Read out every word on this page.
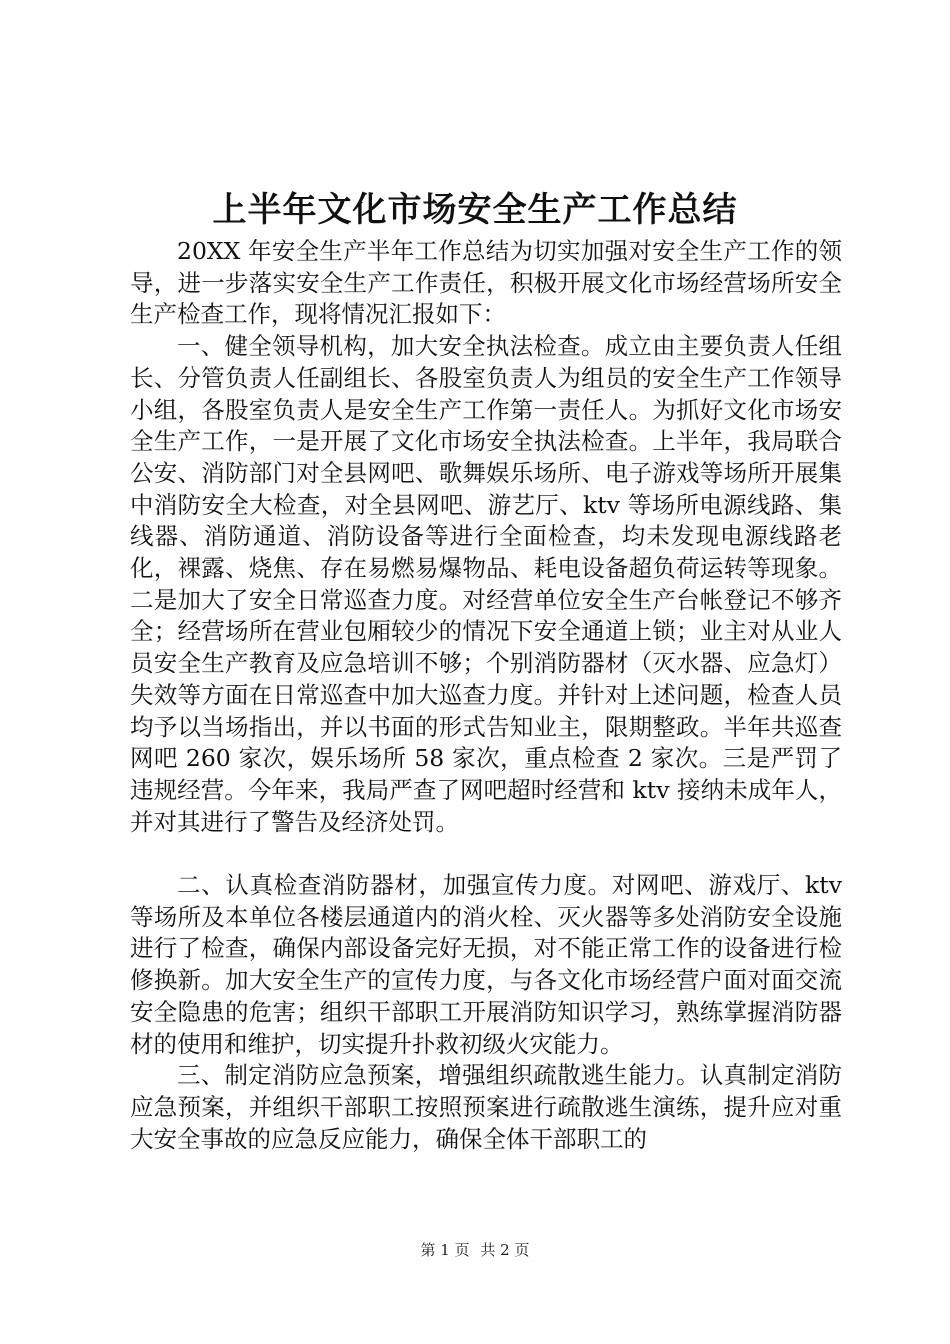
上半年文化市场安全生产工作总结

20XX 年安全生产半年工作总结为切实加强对安全生产工作的领导，进一步落实安全生产工作责任，积极开展文化市场经营场所安全生产检查工作，现将情况汇报如下：

一、健全领导机构，加大安全执法检查。成立由主要负责人任组长、分管负责人任副组长、各股室负责人为组员的安全生产工作领导小组，各股室负责人是安全生产工作第一责任人。为抓好文化市场安全生产工作，一是开展了文化市场安全执法检查。上半年，我局联合公安、消防部门对全县网吧、歌舞娱乐场所、电子游戏等场所开展集中消防安全大检查，对全县网吧、游艺厅、ktv 等场所电源线路、集线器、消防通道、消防设备等进行全面检查，均未发现电源线路老化，裸露、烧焦、存在易燃易爆物品、耗电设备超负荷运转等现象。二是加大了安全日常巡查力度。对经营单位安全生产台帐登记不够齐全；经营场所在营业包厢较少的情况下安全通道上锁；业主对从业人员安全生产教育及应急培训不够；个别消防器材（灭水器、应急灯）失效等方面在日常巡查中加大巡查力度。并针对上述问题，检查人员均予以当场指出，并以书面的形式告知业主，限期整政。半年共巡查网吧 260 家次，娱乐场所 58 家次，重点检查 2 家次。三是严罚了违规经营。今年来，我局严查了网吧超时经营和 ktv 接纳未成年人，并对其进行了警告及经济处罚。

二、认真检查消防器材，加强宣传力度。对网吧、游戏厅、ktv 等场所及本单位各楼层通道内的消火栓、灭火器等多处消防安全设施进行了检查，确保内部设备完好无损，对不能正常工作的设备进行检修换新。加大安全生产的宣传力度，与各文化市场经营户面对面交流安全隐患的危害；组织干部职工开展消防知识学习，熟练掌握消防器材的使用和维护，切实提升扑救初级火灾能力。

三、制定消防应急预案，增强组织疏散逃生能力。认真制定消防应急预案，并组织干部职工按照预案进行疏散逃生演练，提升应对重大安全事故的应急反应能力，确保全体干部职工的

第 1 页 共 2 页
